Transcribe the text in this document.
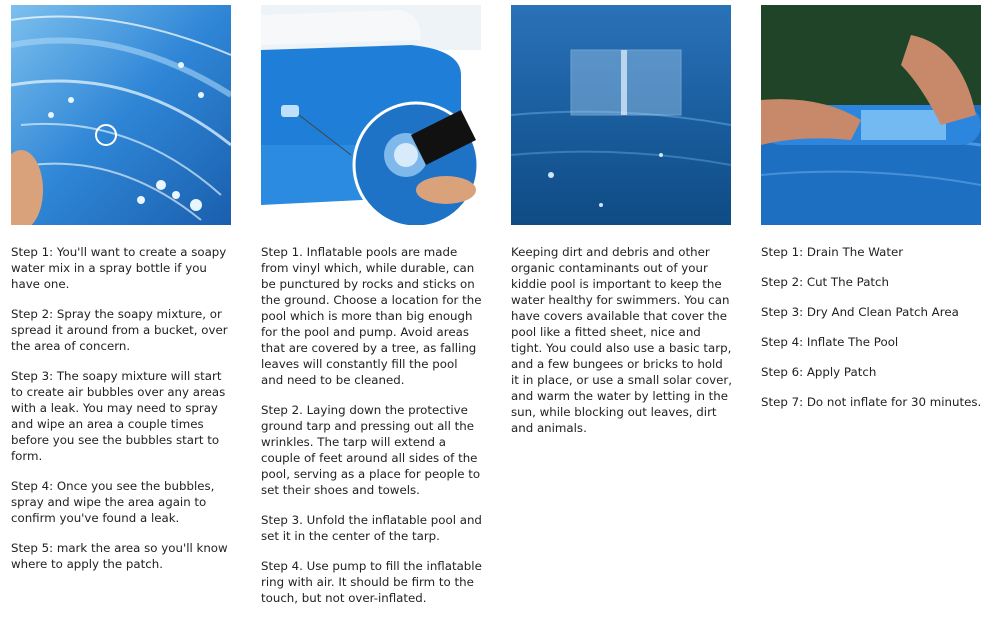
Step 1: You'll want to create a soapy water mix in a spray bottle if you have one.

Step 2: Spray the soapy mixture, or spread it around from a bucket, over the area of concern.

Step 3: The soapy mixture will start to create air bubbles over any areas with a leak. You may need to spray and wipe an area a couple times before you see the bubbles start to form.

Step 4: Once you see the bubbles, spray and wipe the area again to confirm you've found a leak.

Step 5: mark the area so you'll know where to apply the patch.

Step 1. Inflatable pools are made from vinyl which, while durable, can be punctured by rocks and sticks on the ground. Choose a location for the pool which is more than big enough for the pool and pump. Avoid areas that are covered by a tree, as falling leaves will constantly fill the pool and need to be cleaned.

Step 2. Laying down the protective ground tarp and pressing out all the wrinkles. The tarp will extend a couple of feet around all sides of the pool, serving as a place for people to set their shoes and towels.

Step 3. Unfold the inflatable pool and set it in the center of the tarp.

Step 4. Use pump to fill the inflatable ring with air. It should be firm to the touch, but not over-inflated.

Keeping dirt and debris and other organic contaminants out of your kiddie pool is important to keep the water healthy for swimmers. You can have covers available that cover the pool like a fitted sheet, nice and tight. You could also use a basic tarp, and a few bungees or bricks to hold it in place, or use a small solar cover, and warm the water by letting in the sun, while blocking out leaves, dirt and animals.

Step 1: Drain The Water

Step 2: Cut The Patch

Step 3: Dry And Clean Patch Area

Step 4: Inflate The Pool

Step 6: Apply Patch

Step 7: Do not inflate for 30 minutes.
